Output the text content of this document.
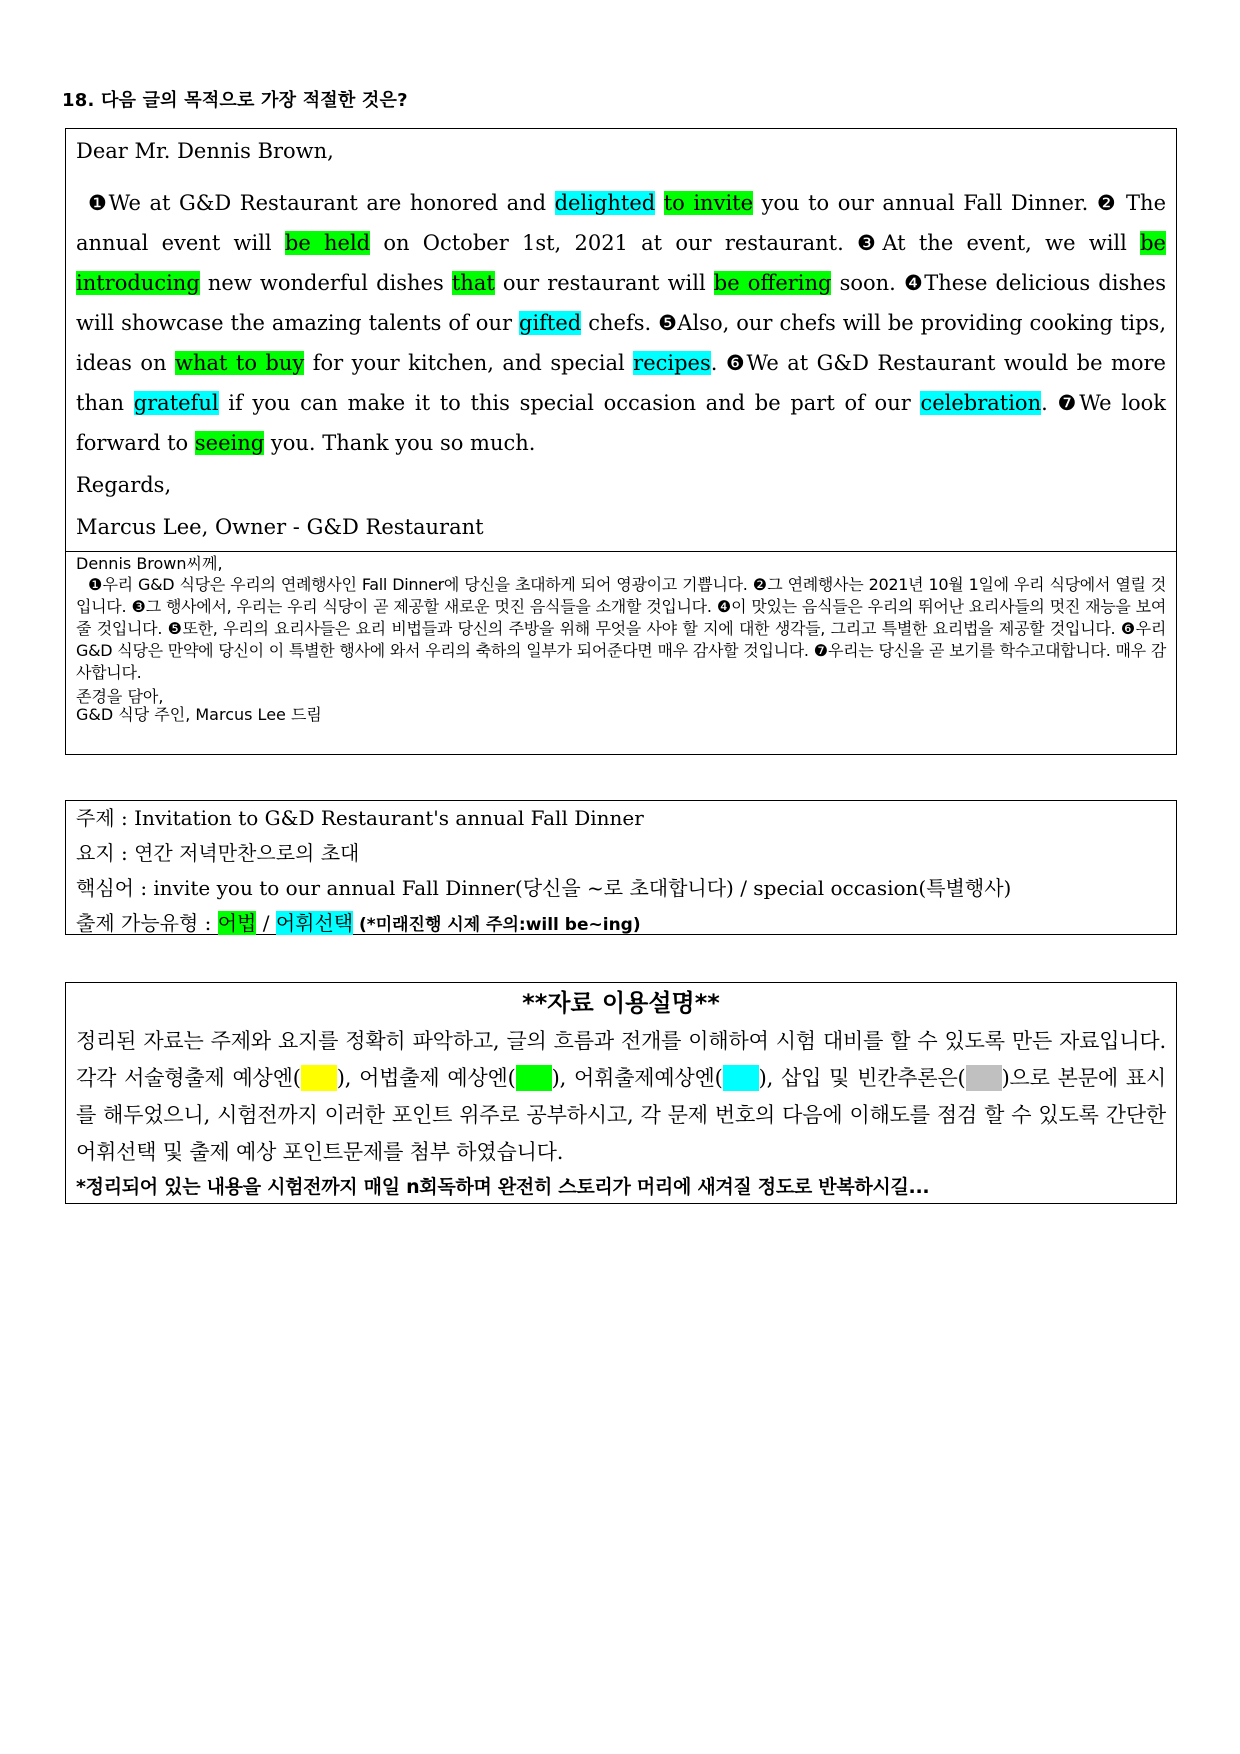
18. 다음 글의 목적으로 가장 적절한 것은?
Dear Mr. Dennis Brown,
❶We at G&D Restaurant are honored and delighted to invite you to our annual Fall Dinner. ❷ The annual event will be held on October 1st, 2021 at our restaurant. ❸At the event, we will be introducing new wonderful dishes that our restaurant will be offering soon. ❹These delicious dishes will showcase the amazing talents of our gifted chefs. ❺Also, our chefs will be providing cooking tips, ideas on what to buy for your kitchen, and special recipes. ❻We at G&D Restaurant would be more than grateful if you can make it to this special occasion and be part of our celebration. ❼We look forward to seeing you. Thank you so much.
Regards,
Marcus Lee, Owner - G&D Restaurant
Dennis Brown씨께,
❶우리 G&D 식당은 우리의 연례행사인 Fall Dinner에 당신을 초대하게 되어 영광이고 기쁩니다. ❷그 연례행사는 2021년 10월 1일에 우리 식당에서 열릴 것입니다. ❸그 행사에서, 우리는 우리 식당이 곧 제공할 새로운 멋진 음식들을 소개할 것입니다. ❹이 맛있는 음식들은 우리의 뛰어난 요리사들의 멋진 재능을 보여줄 것입니다. ❺또한, 우리의 요리사들은 요리 비법들과 당신의 주방을 위해 무엇을 사야 할 지에 대한 생각들, 그리고 특별한 요리법을 제공할 것입니다. ❻우리 G&D 식당은 만약에 당신이 이 특별한 행사에 와서 우리의 축하의 일부가 되어준다면 매우 감사할 것입니다. ❼우리는 당신을 곧 보기를 학수고대합니다. 매우 감사합니다.
존경을 담아,
G&D 식당 주인, Marcus Lee 드림
주제 : Invitation to G&D Restaurant's annual Fall Dinner
요지 : 연간 저녁만찬으로의 초대
핵심어 : invite you to our annual Fall Dinner(당신을 ~로 초대합니다) / special occasion(특별행사)
출제 가능유형 : 어법 / 어휘선택 (*미래진행 시제 주의:will be~ing)
**자료 이용설명**
정리된 자료는 주제와 요지를 정확히 파악하고, 글의 흐름과 전개를 이해하여 시험 대비를 할 수 있도록 만든 자료입니다. 각각 서술형출제 예상엔( ), 어법출제 예상엔( ), 어휘출제예상엔( ), 삽입 및 빈칸추론은( )으로 본문에 표시를 해두었으니, 시험전까지 이러한 포인트 위주로 공부하시고, 각 문제 번호의 다음에 이해도를 점검 할 수 있도록 간단한 어휘선택 및 출제 예상 포인트문제를 첨부 하였습니다.
*정리되어 있는 내용을 시험전까지 매일 n회독하며 완전히 스토리가 머리에 새겨질 정도로 반복하시길...
